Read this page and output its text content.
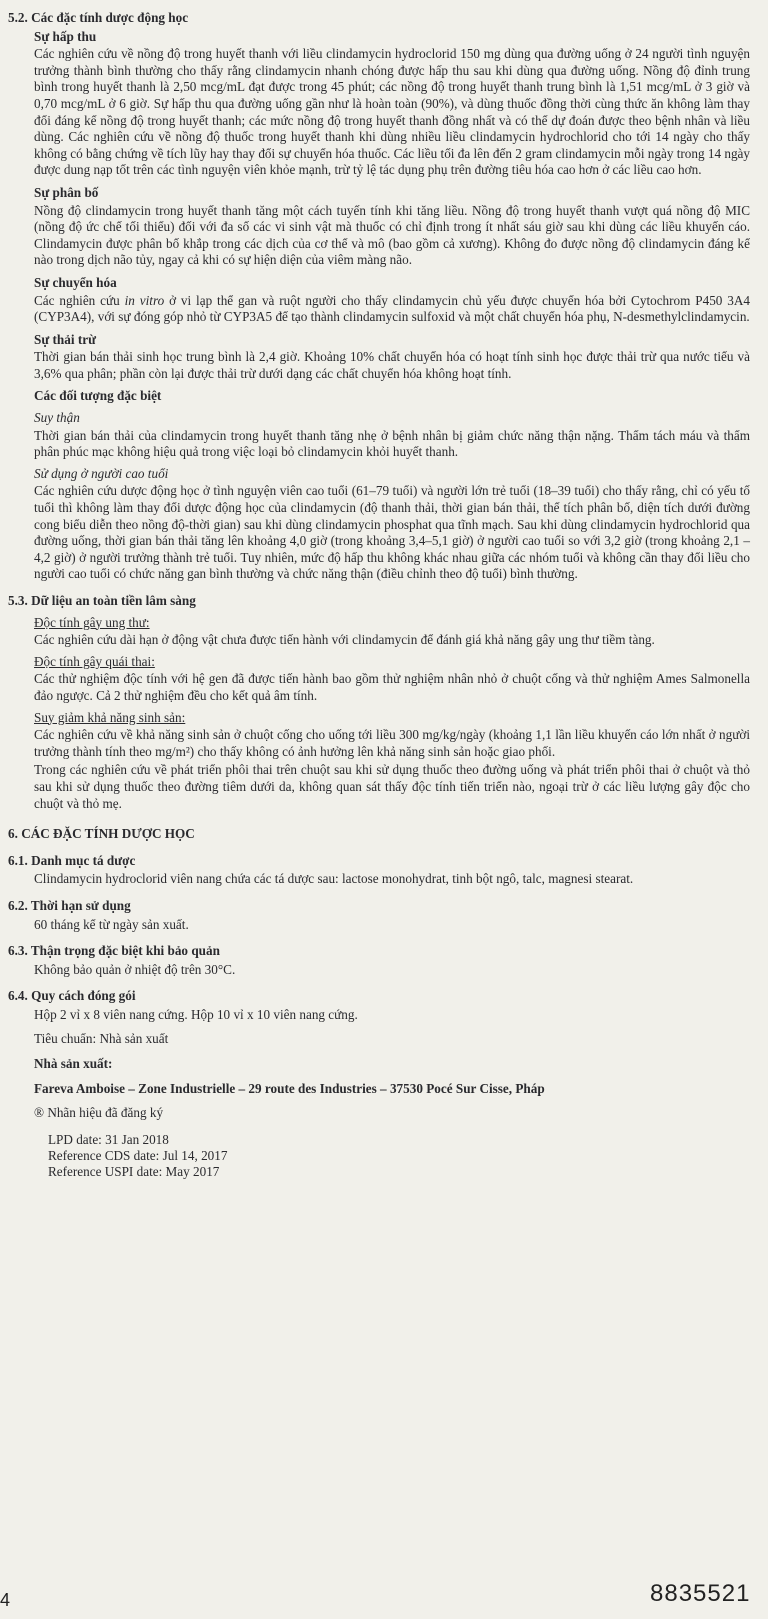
5.2. Các đặc tính dược động học
Sự hấp thu
Các nghiên cứu về nồng độ trong huyết thanh với liều clindamycin hydroclorid 150 mg dùng qua đường uống ở 24 người tình nguyện trưởng thành bình thường cho thấy rằng clindamycin nhanh chóng được hấp thu sau khi dùng qua đường uống. Nồng độ đỉnh trung bình trong huyết thanh là 2,50 mcg/mL đạt được trong 45 phút; các nồng độ trong huyết thanh trung bình là 1,51 mcg/mL ở 3 giờ và 0,70 mcg/mL ở 6 giờ. Sự hấp thu qua đường uống gần như là hoàn toàn (90%), và dùng thuốc đồng thời cùng thức ăn không làm thay đổi đáng kể nồng độ trong huyết thanh; các mức nồng độ trong huyết thanh đồng nhất và có thể dự đoán được theo bệnh nhân và liều dùng. Các nghiên cứu về nồng độ thuốc trong huyết thanh khi dùng nhiều liều clindamycin hydrochlorid cho tới 14 ngày cho thấy không có bằng chứng về tích lũy hay thay đổi sự chuyển hóa thuốc. Các liều tối đa lên đến 2 gram clindamycin mỗi ngày trong 14 ngày được dung nạp tốt trên các tình nguyện viên khỏe mạnh, trừ tỷ lệ tác dụng phụ trên đường tiêu hóa cao hơn ở các liều cao hơn.
Sự phân bố
Nồng độ clindamycin trong huyết thanh tăng một cách tuyến tính khi tăng liều. Nồng độ trong huyết thanh vượt quá nồng độ MIC (nồng độ ức chế tối thiểu) đối với đa số các vi sinh vật mà thuốc có chỉ định trong ít nhất sáu giờ sau khi dùng các liều khuyến cáo. Clindamycin được phân bố khắp trong các dịch của cơ thể và mô (bao gồm cả xương). Không đo được nồng độ clindamycin đáng kể nào trong dịch não tủy, ngay cả khi có sự hiện diện của viêm màng não.
Sự chuyển hóa
Các nghiên cứu in vitro ở vi lạp thể gan và ruột người cho thấy clindamycin chủ yếu được chuyển hóa bởi Cytochrom P450 3A4 (CYP3A4), với sự đóng góp nhỏ từ CYP3A5 để tạo thành clindamycin sulfoxid và một chất chuyển hóa phụ, N-desmethylclindamycin.
Sự thải trừ
Thời gian bán thải sinh học trung bình là 2,4 giờ. Khoảng 10% chất chuyển hóa có hoạt tính sinh học được thải trừ qua nước tiểu và 3,6% qua phân; phần còn lại được thải trừ dưới dạng các chất chuyển hóa không hoạt tính.
Các đối tượng đặc biệt
Suy thận
Thời gian bán thải của clindamycin trong huyết thanh tăng nhẹ ở bệnh nhân bị giảm chức năng thận nặng. Thẩm tách máu và thẩm phân phúc mạc không hiệu quả trong việc loại bỏ clindamycin khỏi huyết thanh.
Sử dụng ở người cao tuổi
Các nghiên cứu dược động học ở tình nguyện viên cao tuổi (61–79 tuổi) và người lớn trẻ tuổi (18–39 tuổi) cho thấy rằng, chỉ có yếu tố tuổi thì không làm thay đổi dược động học của clindamycin (độ thanh thải, thời gian bán thải, thể tích phân bố, diện tích dưới đường cong biểu diễn theo nồng độ-thời gian) sau khi dùng clindamycin phosphat qua tĩnh mạch. Sau khi dùng clindamycin hydrochlorid qua đường uống, thời gian bán thải tăng lên khoảng 4,0 giờ (trong khoảng 3,4–5,1 giờ) ở người cao tuổi so với 3,2 giờ (trong khoảng 2,1 – 4,2 giờ) ở người trưởng thành trẻ tuổi. Tuy nhiên, mức độ hấp thu không khác nhau giữa các nhóm tuổi và không cần thay đổi liều cho người cao tuổi có chức năng gan bình thường và chức năng thận (điều chỉnh theo độ tuổi) bình thường.
5.3. Dữ liệu an toàn tiền lâm sàng
Độc tính gây ung thư:
Các nghiên cứu dài hạn ở động vật chưa được tiến hành với clindamycin để đánh giá khả năng gây ung thư tiềm tàng.
Độc tính gây quái thai:
Các thử nghiệm độc tính với hệ gen đã được tiến hành bao gồm thử nghiệm nhân nhỏ ở chuột cống và thử nghiệm Ames Salmonella đảo ngược. Cả 2 thử nghiệm đều cho kết quả âm tính.
Suy giảm khả năng sinh sản:
Các nghiên cứu về khả năng sinh sản ở chuột cống cho uống tới liều 300 mg/kg/ngày (khoảng 1,1 lần liều khuyến cáo lớn nhất ở người trưởng thành tính theo mg/m²) cho thấy không có ảnh hưởng lên khả năng sinh sản hoặc giao phối.
Trong các nghiên cứu về phát triển phôi thai trên chuột sau khi sử dụng thuốc theo đường uống và phát triển phôi thai ở chuột và thỏ sau khi sử dụng thuốc theo đường tiêm dưới da, không quan sát thấy độc tính tiến triển nào, ngoại trừ ở các liều lượng gây độc cho chuột và thỏ mẹ.
6. CÁC ĐẶC TÍNH DƯỢC HỌC
6.1. Danh mục tá dược
Clindamycin hydroclorid viên nang chứa các tá dược sau: lactose monohydrat, tinh bột ngô, talc, magnesi stearat.
6.2. Thời hạn sử dụng
60 tháng kể từ ngày sản xuất.
6.3. Thận trọng đặc biệt khi bảo quản
Không bảo quản ở nhiệt độ trên 30°C.
6.4. Quy cách đóng gói
Hộp 2 vỉ x 8 viên nang cứng. Hộp 10 vỉ x 10 viên nang cứng.
Tiêu chuẩn: Nhà sản xuất
Nhà sản xuất:
Fareva Amboise – Zone Industrielle – 29 route des Industries – 37530 Pocé Sur Cisse, Pháp
® Nhãn hiệu đã đăng ký
LPD date: 31 Jan 2018
Reference CDS date: Jul 14, 2017
Reference USPI date: May 2017
4	8835521
